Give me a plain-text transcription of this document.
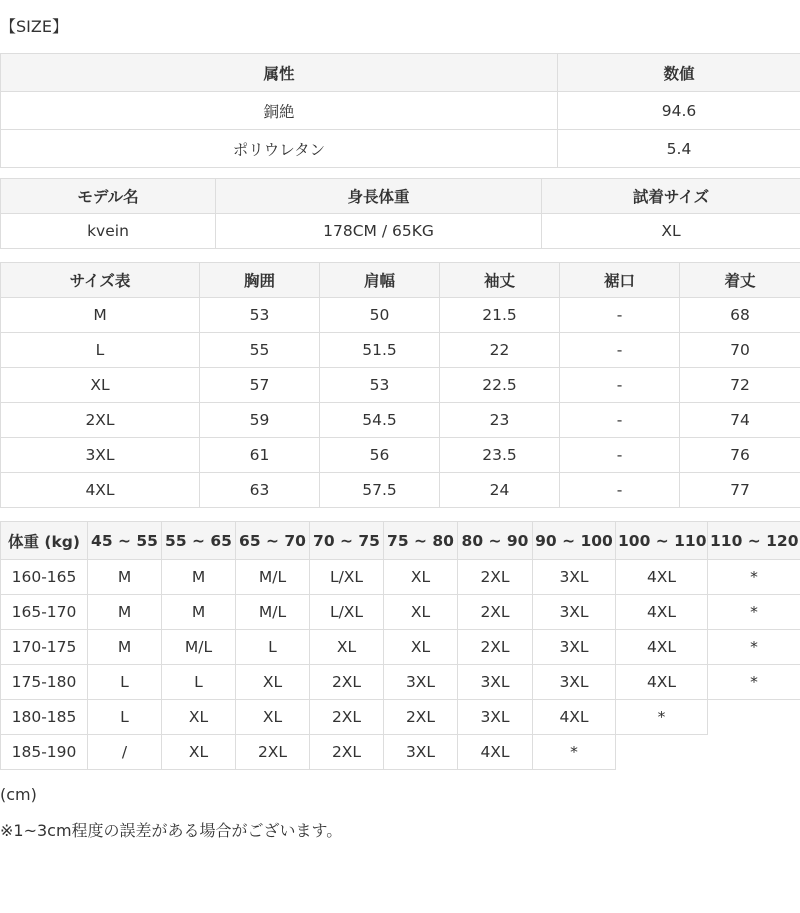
【SIZE】
属性	数値
銅絶	94.6
ポリウレタン	5.4
モデル名	身長体重	試着サイズ
kvein	178CM / 65KG	XL
サイズ表	胸囲	肩幅	袖丈	裾口	着丈
M	53	50	21.5	-	68
L	55	51.5	22	-	70
XL	57	53	22.5	-	72
2XL	59	54.5	23	-	74
3XL	61	56	23.5	-	76
4XL	63	57.5	24	-	77
体重 (kg)	45 ~ 55	55 ~ 65	65 ~ 70	70 ~ 75	75 ~ 80	80 ~ 90	90 ~ 100	100 ~ 110	110 ~ 120
160-165	M	M	M/L	L/XL	XL	2XL	3XL	4XL	*
165-170	M	M	M/L	L/XL	XL	2XL	3XL	4XL	*
170-175	M	M/L	L	XL	XL	2XL	3XL	4XL	*
175-180	L	L	XL	2XL	3XL	3XL	3XL	4XL	*
180-185	L	XL	XL	2XL	2XL	3XL	4XL	*	
185-190	/	XL	2XL	2XL	3XL	4XL	*		
(cm)
※1~3cm程度の誤差がある場合がございます。
